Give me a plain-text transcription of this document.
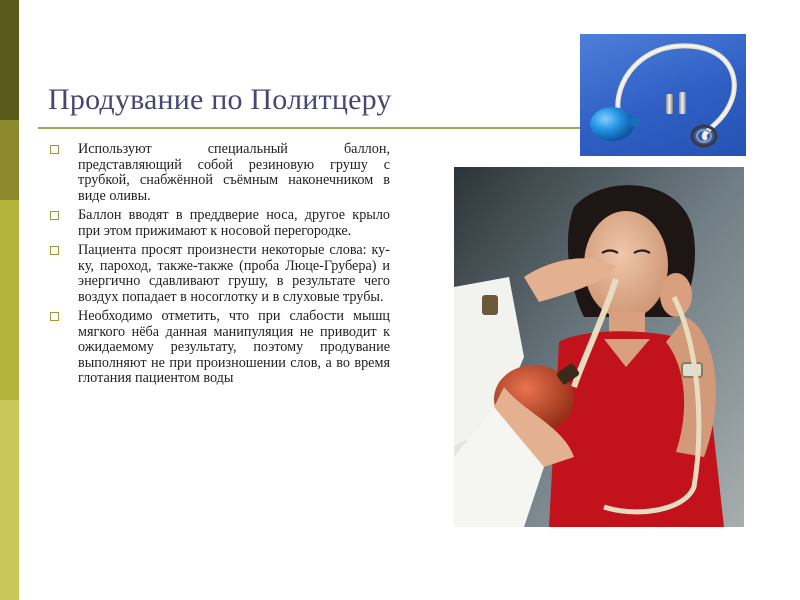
Продувание по Политцеру
Используют специальный баллон, представляющий собой резиновую грушу с трубкой, снабжённой съёмным наконечником в виде оливы.
Баллон вводят в преддверие носа, другое крыло при этом прижимают к носовой перегородке.
Пациента просят произнести некоторые слова: ку-ку, пароход, также-также (проба Люце-Грубера) и энергично сдавливают грушу, в результате чего воздух попадает в носоглотку и в слуховые трубы.
Необходимо отметить, что при слабости мышц мягкого нёба данная манипуляция не приводит к ожидаемому результату, поэтому продувание выполняют не при произношении слов, а во время глотания пациентом воды
